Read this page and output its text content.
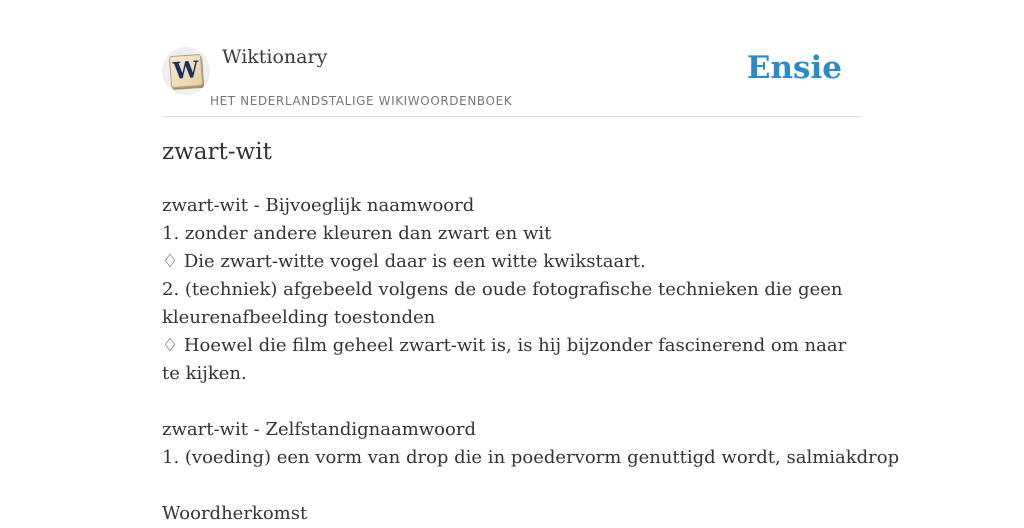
W Wiktionary
HET NEDERLANDSTALIGE WIKIWOORDENBOEK
Ensie
zwart-wit
zwart-wit - Bijvoeglijk naamwoord
1. zonder andere kleuren dan zwart en wit
♢ Die zwart-witte vogel daar is een witte kwikstaart.
2. (techniek) afgebeeld volgens de oude fotografische technieken die geen kleurenafbeelding toestonden
♢ Hoewel die film geheel zwart-wit is, is hij bijzonder fascinerend om naar te kijken.
zwart-wit - Zelfstandignaamwoord
1. (voeding) een vorm van drop die in poedervorm genuttigd wordt, salmiakdrop
Woordherkomst
